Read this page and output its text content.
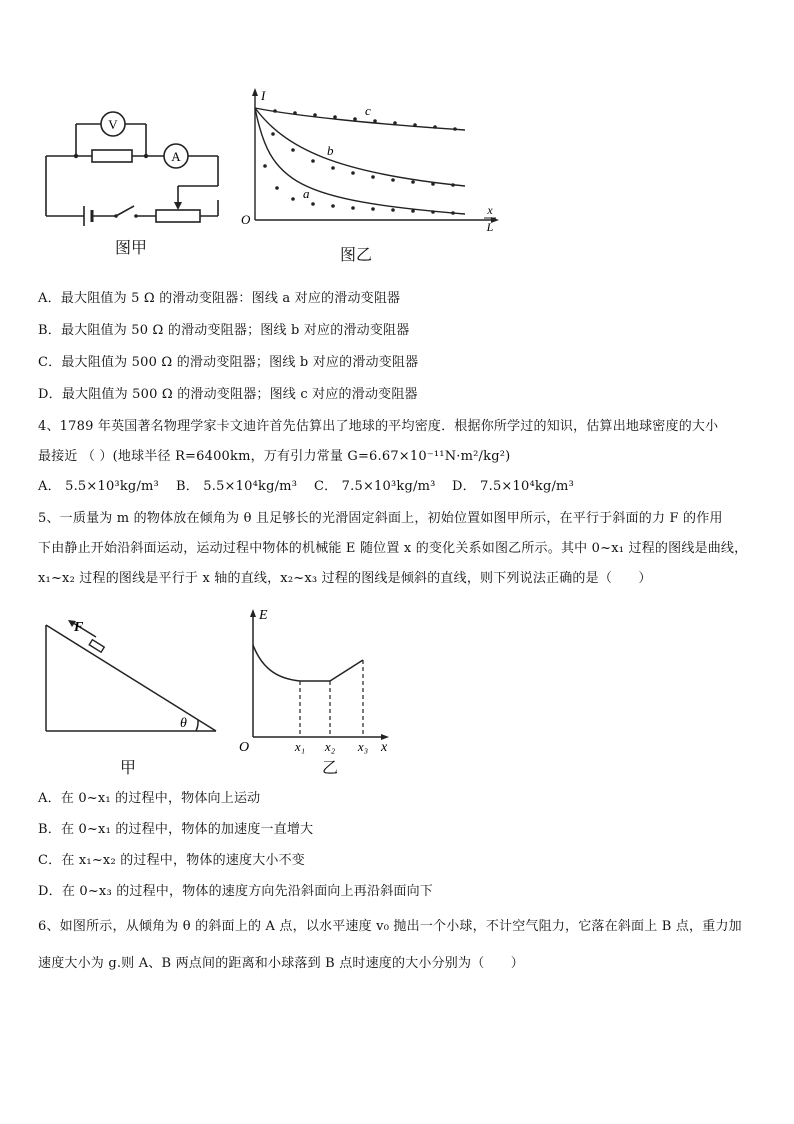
V
A
图甲
I
O
x
L
c
b
a
图乙
A．最大阻值为 5 Ω 的滑动变阻器：图线 a 对应的滑动变阻器
B．最大阻值为 50 Ω 的滑动变阻器；图线 b 对应的滑动变阻器
C．最大阻值为 500 Ω 的滑动变阻器；图线 b 对应的滑动变阻器
D．最大阻值为 500 Ω 的滑动变阻器；图线 c 对应的滑动变阻器
4、1789 年英国著名物理学家卡文迪许首先估算出了地球的平均密度．根据你所学过的知识，估算出地球密度的大小
最接近 （ ）(地球半径 R=6400km，万有引力常量 G=6.67×10⁻¹¹N·m²/kg²)
A． 5.5×10³kg/m³ B． 5.5×10⁴kg/m³ C． 7.5×10³kg/m³ D． 7.5×10⁴kg/m³
5、一质量为 m 的物体放在倾角为 θ 且足够长的光滑固定斜面上，初始位置如图甲所示，在平行于斜面的力 F 的作用
下由静止开始沿斜面运动，运动过程中物体的机械能 E 随位置 x 的变化关系如图乙所示。其中 0~x₁ 过程的图线是曲线，
x₁~x₂ 过程的图线是平行于 x 轴的直线，x₂~x₃ 过程的图线是倾斜的直线，则下列说法正确的是（　　）
F
θ
甲
E
O	x
x₁ x₂ x₃
乙
A．在 0~x₁ 的过程中，物体向上运动
B．在 0~x₁ 的过程中，物体的加速度一直增大
C．在 x₁~x₂ 的过程中，物体的速度大小不变
D．在 0~x₃ 的过程中，物体的速度方向先沿斜面向上再沿斜面向下
6、如图所示，从倾角为 θ 的斜面上的 A 点，以水平速度 v₀ 抛出一个小球，不计空气阻力，它落在斜面上 B 点，重力加
速度大小为 g.则 A、B 两点间的距离和小球落到 B 点时速度的大小分别为（　　）
